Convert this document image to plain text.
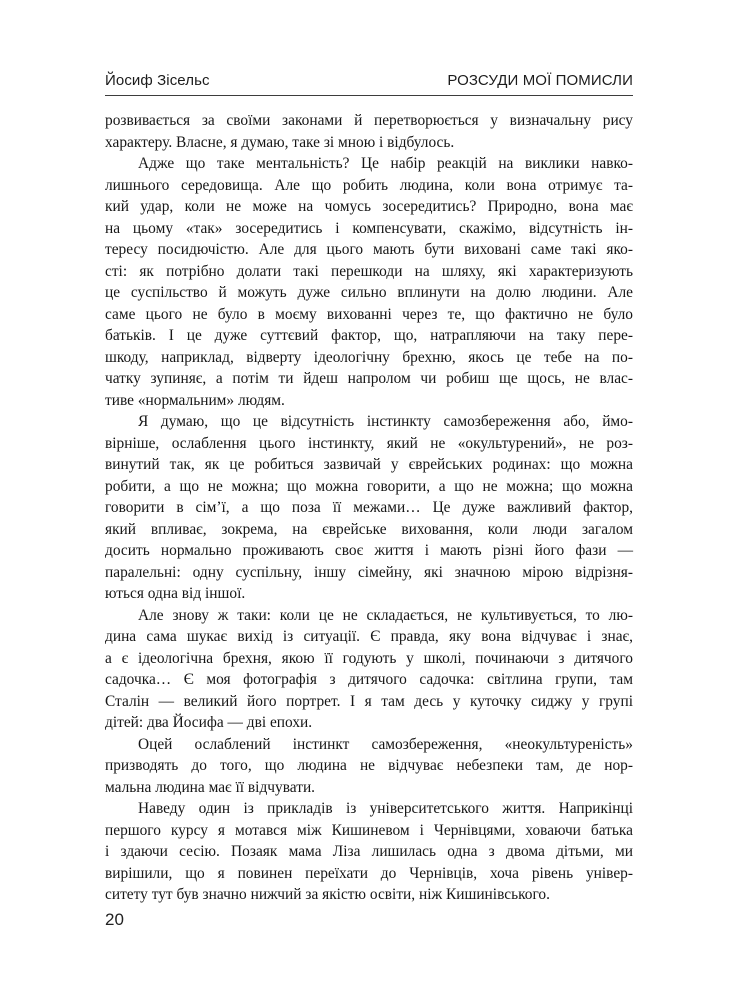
Йосиф Зісельс	РОЗСУДИ МОЇ ПОМИСЛИ
розвивається за своїми законами й перетворюється у визначальну рису
характеру. Власне, я думаю, таке зі мною і відбулось.
Адже що таке ментальність? Це набір реакцій на виклики навко-
лишнього середовища. Але що робить людина, коли вона отримує та-
кий удар, коли не може на чомусь зосередитись? Природно, вона має
на цьому «так» зосередитись і компенсувати, скажімо, відсутність ін-
тересу посидючістю. Але для цього мають бути виховані саме такі яко-
сті: як потрібно долати такі перешкоди на шляху, які характеризують
це суспільство й можуть дуже сильно вплинути на долю людини. Але
саме цього не було в моєму вихованні через те, що фактично не було
батьків. І це дуже суттєвий фактор, що, натрапляючи на таку пере-
шкоду, наприклад, відверту ідеологічну брехню, якось це тебе на по-
чатку зупиняє, а потім ти йдеш напролом чи робиш ще щось, не влас-
тиве «нормальним» людям.
Я думаю, що це відсутність інстинкту самозбереження або, ймо-
вірніше, ослаблення цього інстинкту, який не «окультурений», не роз-
винутий так, як це робиться зазвичай у єврейських родинах: що можна
робити, а що не можна; що можна говорити, а що не можна; що можна
говорити в сім’ї, а що поза її межами… Це дуже важливий фактор,
який впливає, зокрема, на єврейське виховання, коли люди загалом
досить нормально проживають своє життя і мають різні його фази —
паралельні: одну суспільну, іншу сімейну, які значною мірою відрізня-
ються одна від іншої.
Але знову ж таки: коли це не складається, не культивується, то лю-
дина сама шукає вихід із ситуації. Є правда, яку вона відчуває і знає,
а є ідеологічна брехня, якою її годують у школі, починаючи з дитячого
садочка… Є моя фотографія з дитячого садочка: світлина групи, там
Сталін — великий його портрет. І я там десь у куточку сиджу у групі
дітей: два Йосифа — дві епохи.
Оцей ослаблений інстинкт самозбереження, «неокультуреність»
призводять до того, що людина не відчуває небезпеки там, де нор-
мальна людина має її відчувати.
Наведу один із прикладів із університетського життя. Наприкінці
першого курсу я мотався між Кишиневом і Чернівцями, ховаючи батька
і здаючи сесію. Позаяк мама Ліза лишилась одна з двома дітьми, ми
вирішили, що я повинен переїхати до Чернівців, хоча рівень універ-
ситету тут був значно нижчий за якістю освіти, ніж Кишинівського.
20
